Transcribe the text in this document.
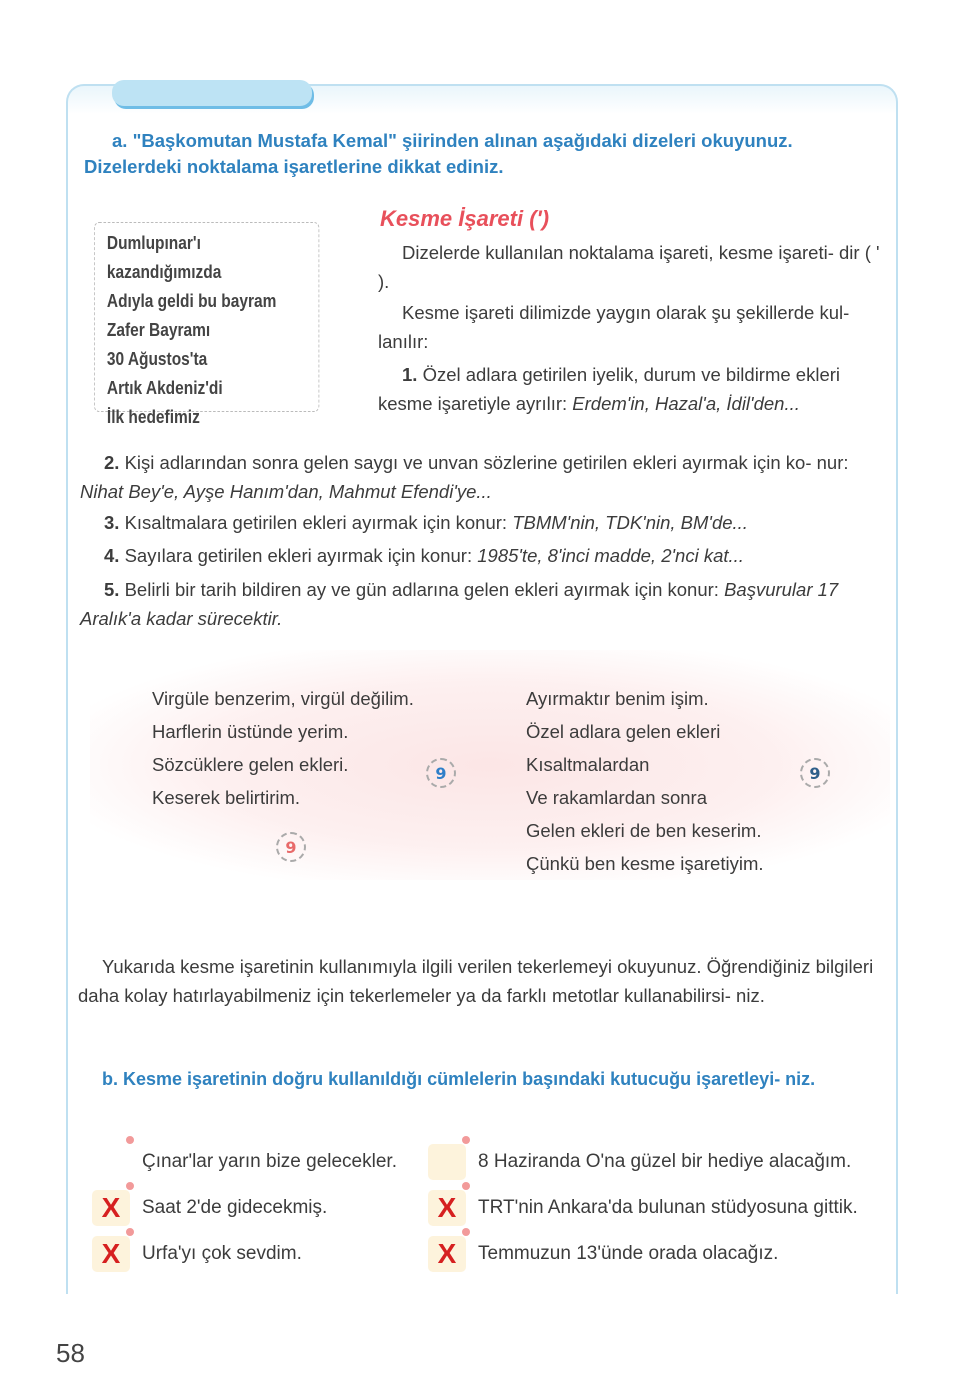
a. "Başkomutan Mustafa Kemal" şiirinden alınan aşağıdaki dizeleri okuyunuz. Dizelerdeki noktalama işaretlerine dikkat ediniz.
Dumlupınar'ı kazandığımızda
Adıyla geldi bu bayram
Zafer Bayramı
30 Ağustos'ta
Artık Akdeniz'di
İlk hedefimiz
Kesme İşareti (')
Dizelerde kullanılan noktalama işareti, kesme işareti- dir ( ' ).
Kesme işareti dilimizde yaygın olarak şu şekillerde kul- lanılır:
1. Özel adlara getirilen iyelik, durum ve bildirme ekleri kesme işaretiyle ayrılır: Erdem'in, Hazal'a, İdil'den...
2. Kişi adlarından sonra gelen saygı ve unvan sözlerine getirilen ekleri ayırmak için ko- nur: Nihat Bey'e, Ayşe Hanım'dan, Mahmut Efendi'ye...
3. Kısaltmalara getirilen ekleri ayırmak için konur: TBMM'nin, TDK'nin, BM'de...
4. Sayılara getirilen ekleri ayırmak için konur: 1985'te, 8'inci madde, 2'nci kat...
5. Belirli bir tarih bildiren ay ve gün adlarına gelen ekleri ayırmak için konur: Başvurular 17 Aralık'a kadar sürecektir.
Virgüle benzerim, virgül değilim.
Harflerin üstünde yerim.
Sözcüklere gelen ekleri.
Keserek belirtirim.
Ayırmaktır benim işim.
Özel adlara gelen ekleri
Kısaltmalardan
Ve rakamlardan sonra
Gelen ekleri de ben keserim.
Çünkü ben kesme işaretiyim.
9
9
9
Yukarıda kesme işaretinin kullanımıyla ilgili verilen tekerlemeyi okuyunuz. Öğrendiğiniz bilgileri daha kolay hatırlayabilmeniz için tekerlemeler ya da farklı metotlar kullanabilirsi- niz.
b. Kesme işaretinin doğru kullanıldığı cümlelerin başındaki kutucuğu işaretleyi- niz.
Çınar'lar yarın bize gelecekler.	8 Haziranda O'na güzel bir hediye alacağım.
X	Saat 2'de gidecekmiş.	X	TRT'nin Ankara'da bulunan stüdyosuna gittik.
X	Urfa'yı çok sevdim.	X	Temmuzun 13'ünde orada olacağız.
58
